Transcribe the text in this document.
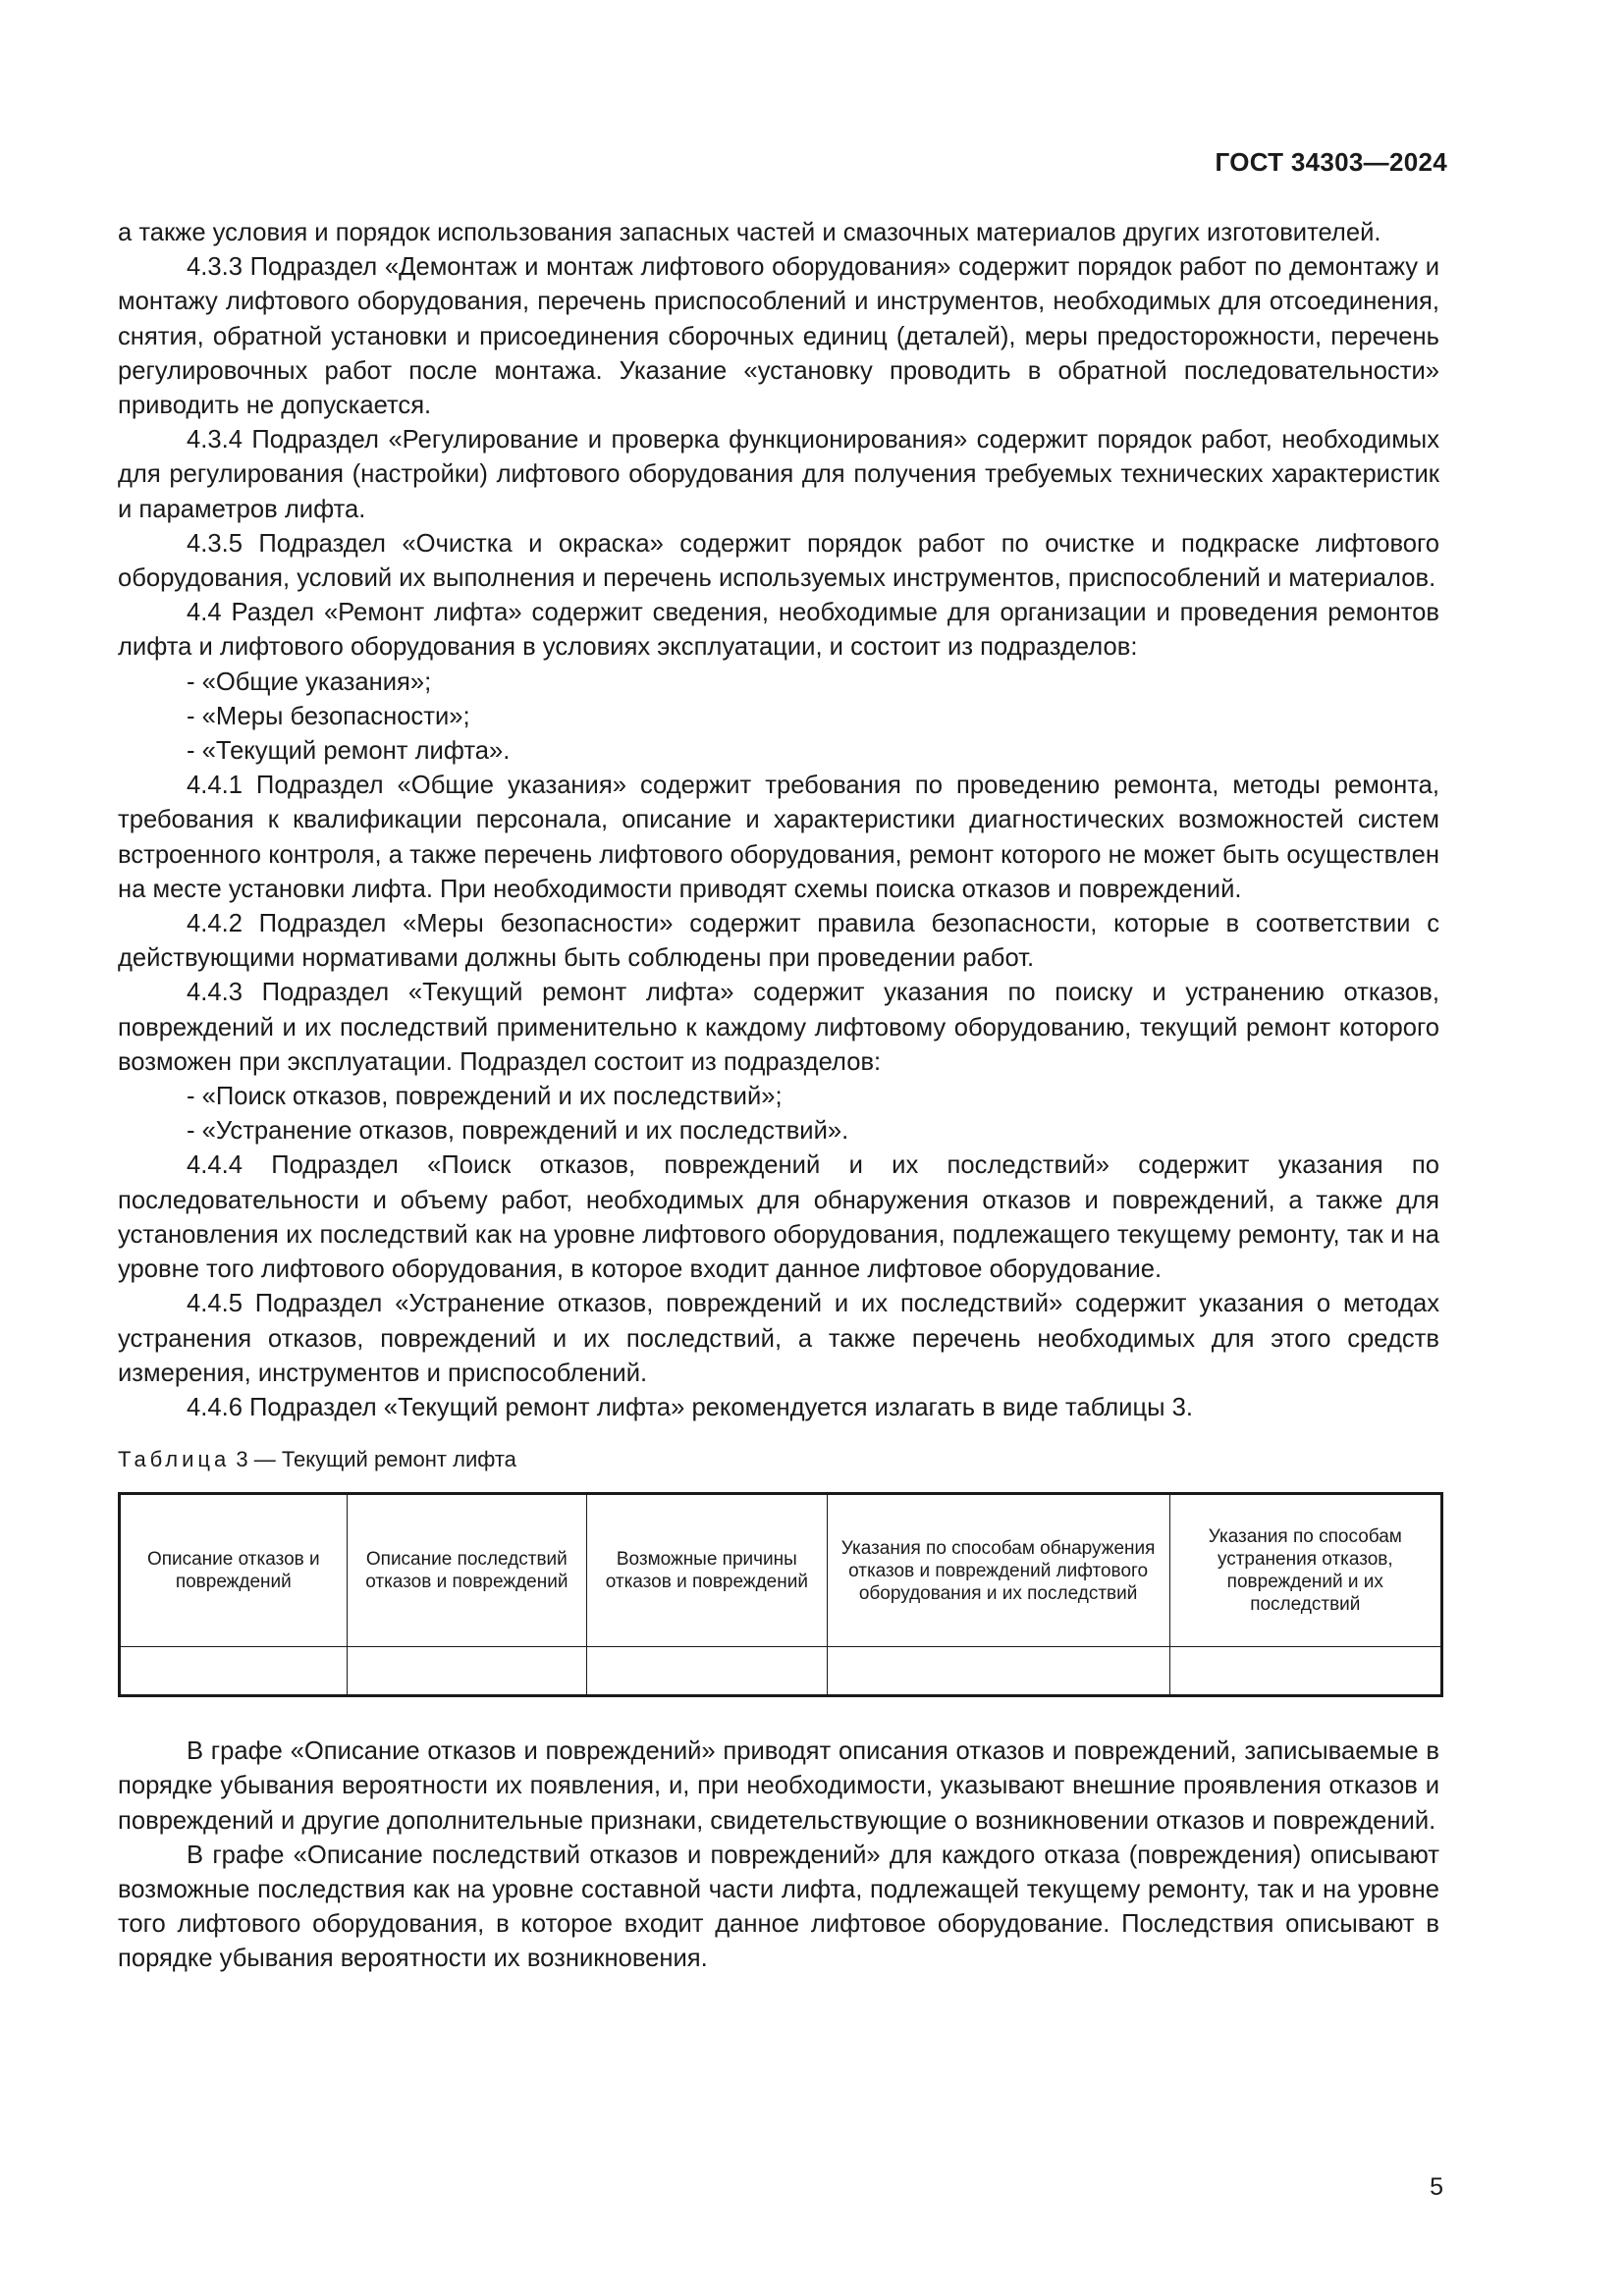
ГОСТ 34303—2024

а также условия и порядок использования запасных частей и смазочных материалов других изготовителей.

4.3.3 Подраздел «Демонтаж и монтаж лифтового оборудования» содержит порядок работ по демонтажу и монтажу лифтового оборудования, перечень приспособлений и инструментов, необходимых для отсоединения, снятия, обратной установки и присоединения сборочных единиц (деталей), меры предосторожности, перечень регулировочных работ после монтажа. Указание «установку проводить в обратной последовательности» приводить не допускается.

4.3.4 Подраздел «Регулирование и проверка функционирования» содержит порядок работ, необходимых для регулирования (настройки) лифтового оборудования для получения требуемых технических характеристик и параметров лифта.

4.3.5 Подраздел «Очистка и окраска» содержит порядок работ по очистке и подкраске лифтового оборудования, условий их выполнения и перечень используемых инструментов, приспособлений и материалов.

4.4 Раздел «Ремонт лифта» содержит сведения, необходимые для организации и проведения ремонтов лифта и лифтового оборудования в условиях эксплуатации, и состоит из подразделов:

- «Общие указания»;

- «Меры безопасности»;

- «Текущий ремонт лифта».

4.4.1 Подраздел «Общие указания» содержит требования по проведению ремонта, методы ремонта, требования к квалификации персонала, описание и характеристики диагностических возможностей систем встроенного контроля, а также перечень лифтового оборудования, ремонт которого не может быть осуществлен на месте установки лифта. При необходимости приводят схемы поиска отказов и повреждений.

4.4.2 Подраздел «Меры безопасности» содержит правила безопасности, которые в соответствии с действующими нормативами должны быть соблюдены при проведении работ.

4.4.3 Подраздел «Текущий ремонт лифта» содержит указания по поиску и устранению отказов, повреждений и их последствий применительно к каждому лифтовому оборудованию, текущий ремонт которого возможен при эксплуатации. Подраздел состоит из подразделов:

- «Поиск отказов, повреждений и их последствий»;

- «Устранение отказов, повреждений и их последствий».

4.4.4 Подраздел «Поиск отказов, повреждений и их последствий» содержит указания по последовательности и объему работ, необходимых для обнаружения отказов и повреждений, а также для установления их последствий как на уровне лифтового оборудования, подлежащего текущему ремонту, так и на уровне того лифтового оборудования, в которое входит данное лифтовое оборудование.

4.4.5 Подраздел «Устранение отказов, повреждений и их последствий» содержит указания о методах устранения отказов, повреждений и их последствий, а также перечень необходимых для этого средств измерения, инструментов и приспособлений.

4.4.6 Подраздел «Текущий ремонт лифта» рекомендуется излагать в виде таблицы 3.

Таблица 3 — Текущий ремонт лифта
Описание отказов и повреждений	Описание последствий отказов и повреждений	Возможные причины отказов и повреждений	Указания по способам обнаружения отказов и повреждений лифтового оборудования и их последствий	Указания по способам устранения отказов, повреждений и их последствий

В графе «Описание отказов и повреждений» приводят описания отказов и повреждений, записываемые в порядке убывания вероятности их появления, и, при необходимости, указывают внешние проявления отказов и повреждений и другие дополнительные признаки, свидетельствующие о возникновении отказов и повреждений.

В графе «Описание последствий отказов и повреждений» для каждого отказа (повреждения) описывают возможные последствия как на уровне составной части лифта, подлежащей текущему ремонту, так и на уровне того лифтового оборудования, в которое входит данное лифтовое оборудование. Последствия описывают в порядке убывания вероятности их возникновения.

5
